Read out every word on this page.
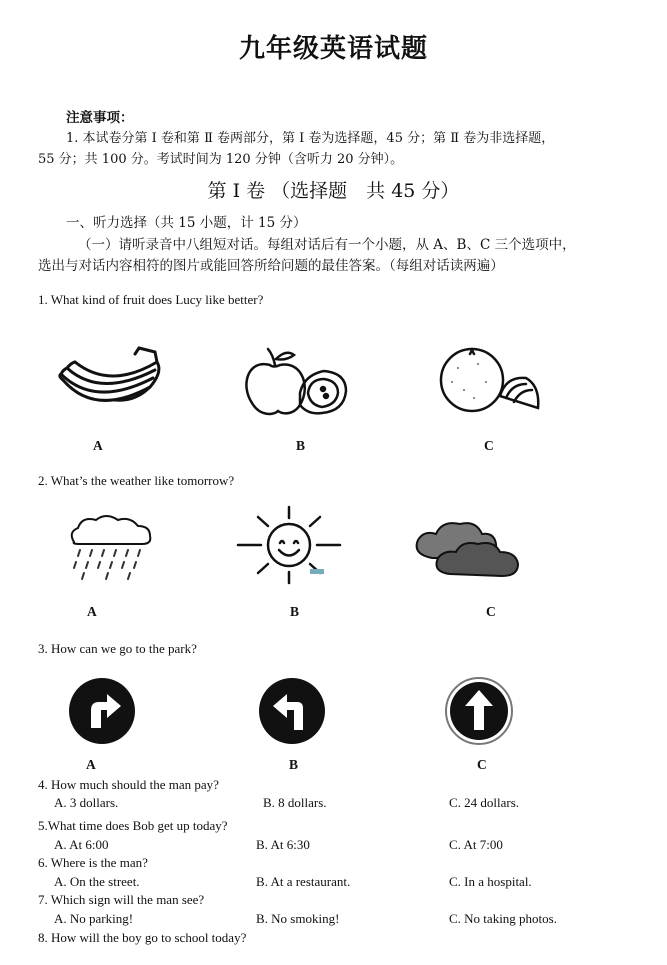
九年级英语试题
注意事项：
1. 本试卷分第 Ⅰ 卷和第 Ⅱ 卷两部分，第 Ⅰ 卷为选择题，45 分；第 Ⅱ 卷为非选择题，
55 分；共 100 分。考试时间为 120 分钟（含听力 20 分钟）。
第 Ⅰ 卷 （选择题　共 45 分）
一、听力选择（共 15 小题，计 15 分）
（一）请听录音中八组短对话。每组对话后有一个小题，从 A、B、C 三个选项中，
选出与对话内容相符的图片或能回答所给问题的最佳答案。（每组对话读两遍）
1. What kind of fruit does Lucy like better?
A	B	C
2. What’s the weather like tomorrow?
A	B	C
3. How can we go to the park?
A	B	C
4. How much should the man pay?
A. 3 dollars.	B. 8 dollars.	C. 24 dollars.
5.What time does Bob get up today?
A. At 6:00	B. At 6:30	C. At 7:00
6. Where is the man?
A. On the street.	B. At a restaurant.	C. In a hospital.
7. Which sign will the man see?
A. No parking!	B. No smoking!	C. No taking photos.
8. How will the boy go to school today?
